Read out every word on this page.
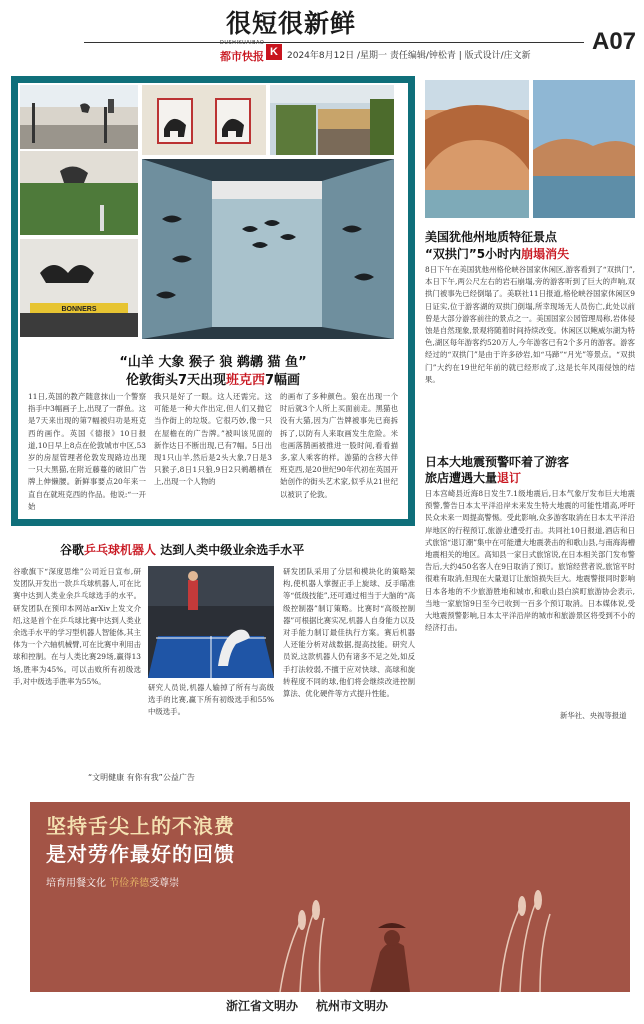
很短很新鲜
DUSHIKUAIBAO
都市快报 K	2024年8月12日 /星期一 责任编辑/钟松青 | 版式设计/庄文新
A07
BONNERS
“山羊 大象 猴子 狼 鹈鹕 猫 鱼”
伦敦街头7天出现班克西7幅画
11日,英国的教产随意抹山一个警察指手中3幅画子上,出现了一群鱼。这是7天来出现的第7幅被归功是班克西的画作。英国《德报》10日报道,10日早上8点在伦敦城市中区,53岁的房屋管理者伦敦发现路边出现一只大黑猫,在附近藤蔓的破旧广告牌上伸懒腰。新鲜事要点20年来一直自在就班克西的作品。他说:“一开始
我只是好了一眼。这人还需完。这可能是一种大作出定,但人们又抛它当作街上的垃圾。它很巧妙,像一只在屋檐在的广告牌。”被叫该见面的新作达日不断出现,已有7幅。5日出现1只山羊,然后是2头大象,7日是3只猴子,8日1只狼,9日2只鹈鹕栖在上,出现一个人物的
的画布了多种颜色。狼在出现一个时后就3个人所上买面前走。黑猫也没有大猫,因为广告牌被事先已商拆拆了,以防有人来取画发生危险。米也画落鹊画被推进一股时间,看看描多,家人乘客的样。游猫的含移大伴班克西,是20世纪90年代初在英国开始创作的街头艺术家,似乎从21世纪以被识了伦敦。
美国犹他州地质特征景点
“双拱门”5小时内崩塌消失
8日下午在美国犹他州格伦峡谷国家休闲区,游客看到了“双拱门”,本日下午,两公尺左右的岩石崩塌,旁的游客听到了巨大的声响,双拱门被事先已经倒塌了。美联社11日报道,格伦峡谷国家休闲区9日证实,位于游客湖的双拱门倒塌,所幸现场无人员伤亡,此处以前曾是大部分游客前往的景点之一。美国国家公园管理局称,岩体侵蚀是自然现象,景观将随着时间持续改变。休闲区以鲍威尔湖为特色,湖区每年游客约520万人,今年游客已有2个多月的游客。游客经过的“双拱门”是由于许多砂岩,如“马蹄”“月光”等景点。“双拱门”大约在19世纪年前的就已经形成了,这是长年风雨侵蚀的结果。
日本大地震预警吓着了游客
旅店遭遇大量退订
日本宫崎县近海8日发生7.1级地震后,日本气象厅发布巨大地震预警,警告日本太平洋沿岸未来发生特大地震的可能性增高,呼吁民众未来一周提高警惕。受此影响,众多游客取消在日本太平洋沿岸地区的行程预订,旅游业遭受打击。共同社10日报道,酒店和日式旅馆“退订潮”集中在可能遭大地震袭击的和歌山县,与南海海槽地震相关的地区。高知县一家日式旅馆说,在日本相关部门发布警告后,大约450名客人在9日取消了预订。旅馆经营者说,旅馆平时很难有取消,但现在大量退订让旅馆损失巨大。地震警报同时影响日本各地的不少旅游胜地和城市,和歌山县白滨町旅游协会表示,当地一家旅馆9日至今已收到一百多个预订取消。日本媒体说,受大地震预警影响,日本太平洋沿岸的城市和旅游景区将受到不小的经济打击。
新华社、央视等报道
谷歌乒乓球机器人 达到人类中级业余选手水平
谷歌旗下“深度思维”公司近日宣布,研发团队开发出一款乒乓球机器人,可在比赛中达到人类业余乒乓球选手的水平。研发团队在预印本网站arXiv上发文介绍,这是首个在乒乓球比赛中达到人类业余选手水平的学习型机器人智能体,其主体为一个六轴机械臂,可在比赛中利用击球和控制。在与人类比赛29场,赢得13场,胜率为45%。可以击败所有初级选手,对中级选手胜率为55%。
研究人员说,机器人输掉了所有与高级选手的比赛,赢下所有初级选手和55%中级选手。
研发团队采用了分层和模块化的策略架构,使机器人掌握正手上旋球、反手瞄准等“低级技能”,还可通过相当于大脑的“高级控制器”制订策略。比赛时“高级控制器”可根据比赛实况,机器人自身能力以及对手能力制订最佳执行方案。赛后机器人还能分析对战数据,提高技能。研究人员说,这款机器人仍有诸多不足之处,如反手打法较弱,不擅于应对快球、高球和旋转程度不同的球,他们将会继续改进控制算法、优化硬件等方式提升性能。
“文明健康 有你有我”公益广告
坚持舌尖上的不浪费
是对劳作最好的回馈
培育用餐文化 节俭养德受尊崇
浙江省文明办 杭州市文明办
